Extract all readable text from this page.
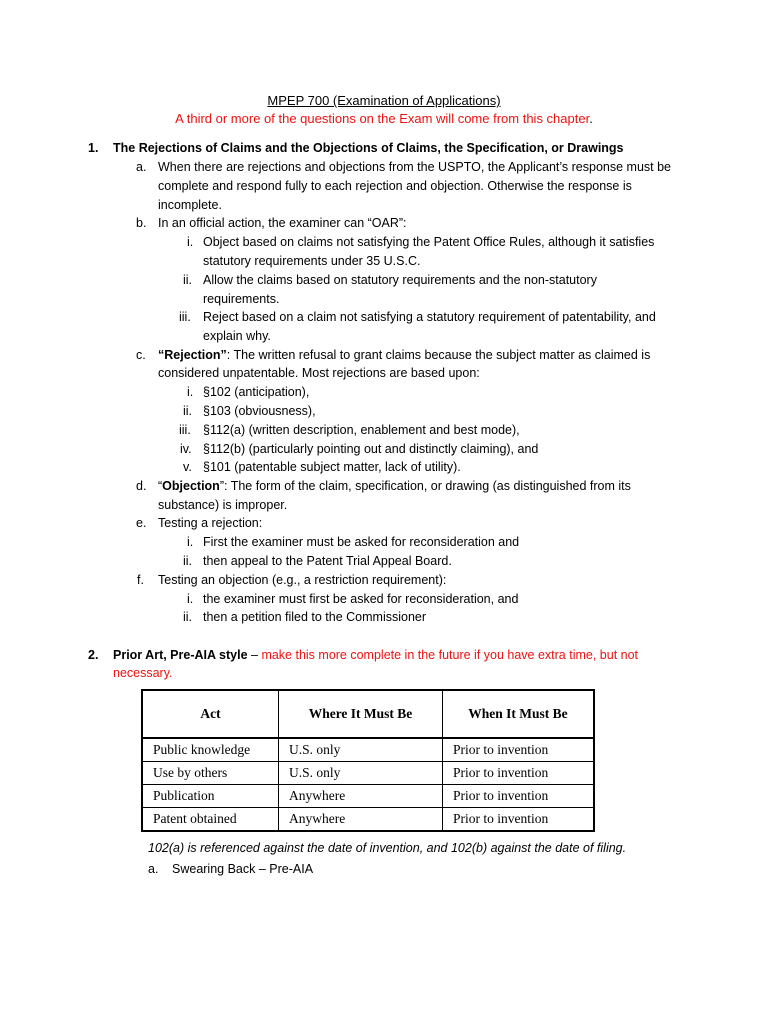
MPEP 700 (Examination of Applications)
A third or more of the questions on the Exam will come from this chapter.
1. The Rejections of Claims and the Objections of Claims, the Specification, or Drawings
a. When there are rejections and objections from the USPTO, the Applicant’s response must be
complete and respond fully to each rejection and objection. Otherwise the response is
incomplete.
b. In an official action, the examiner can “OAR”:
i. Object based on claims not satisfying the Patent Office Rules, although it satisfies
statutory requirements under 35 U.S.C.
ii. Allow the claims based on statutory requirements and the non-statutory
requirements.
iii. Reject based on a claim not satisfying a statutory requirement of patentability, and
explain why.
c. “Rejection”: The written refusal to grant claims because the subject matter as claimed is
considered unpatentable. Most rejections are based upon:
i. §102 (anticipation),
ii. §103 (obviousness),
iii. §112(a) (written description, enablement and best mode),
iv. §112(b) (particularly pointing out and distinctly claiming), and
v. §101 (patentable subject matter, lack of utility).
d. “Objection”: The form of the claim, specification, or drawing (as distinguished from its
substance) is improper.
e. Testing a rejection:
i. First the examiner must be asked for reconsideration and
ii. then appeal to the Patent Trial Appeal Board.
f. Testing an objection (e.g., a restriction requirement):
i. the examiner must first be asked for reconsideration, and
ii. then a petition filed to the Commissioner
2. Prior Art, Pre-AIA style – make this more complete in the future if you have extra time, but not
necessary.
Act	Where It Must Be	When It Must Be
Public knowledge	U.S. only	Prior to invention
Use by others	U.S. only	Prior to invention
Publication	Anywhere	Prior to invention
Patent obtained	Anywhere	Prior to invention
102(a) is referenced against the date of invention, and 102(b) against the date of filing.
a. Swearing Back – Pre-AIA
